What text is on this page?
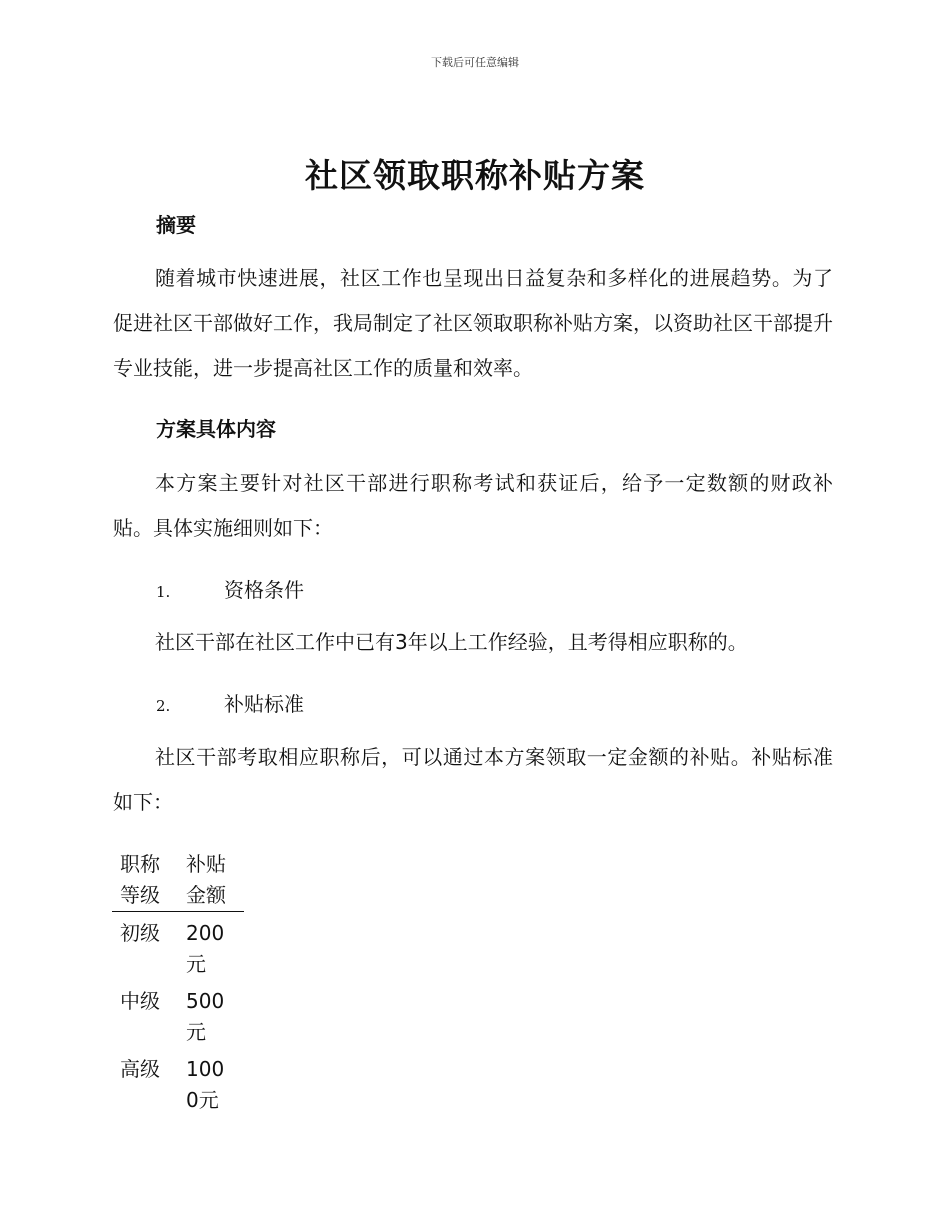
下载后可任意编辑
社区领取职称补贴方案
摘要
随着城市快速进展，社区工作也呈现出日益复杂和多样化的进展趋势。为了促进社区干部做好工作，我局制定了社区领取职称补贴方案，以资助社区干部提升专业技能，进一步提高社区工作的质量和效率。
方案具体内容
本方案主要针对社区干部进行职称考试和获证后，给予一定数额的财政补贴。具体实施细则如下：
1.	资格条件
社区干部在社区工作中已有3年以上工作经验，且考得相应职称的。
2.	补贴标准
社区干部考取相应职称后，可以通过本方案领取一定金额的补贴。补贴标准如下：
职称等级	补贴金额

初级	200元

中级	500元

高级	1000元
